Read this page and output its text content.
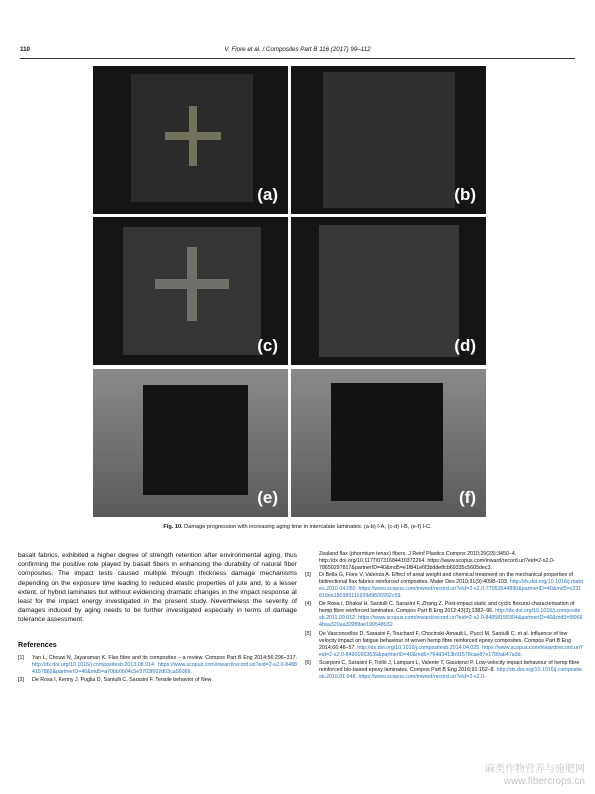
110	V. Fiore et al. / Composites Part B 116 (2017) 99–112
(a)	(b)
(c)	(d)
(e)	(f)
Fig. 10. Damage progression with increasing aging time in intercalate laminates: (a-b) I-A, (c-d) I-B, (e-f) I-C.
basalt fabrics, exhibited a higher degree of strength retention after environmental aging, thus confirming the positive role played by basalt fibers in enhancing the durability of natural fiber composites. The impact tests caused multiple through thickness damage mechanisms depending on the exposure time leading to reduced elastic properties of jute and, to a lesser extent, of hybrid laminates but without evidencing dramatic changes in the impact response at least for the impact energy investigated in the present study. Nevertheless the severity of damages induced by aging needs to be further investigated especially in terms of damage tolerance assessment.
References
[1] Yan L, Chouw N, Jayaraman K. Flax fibre and its composites – a review. Compos Part B Eng 2014;56:296–317. http://dx.doi.org/10.1016/j.compositesb.2013.08.014. https://www.scopus.com/inward/record.uri?eid=2-s2.0-84884157882&partnerID=40&md5=a70bb0b04c5e9703f602d03ca56069.
[2] De Rosa I, Kenny J, Puglia D, Santulli C, Sarasini F. Tensile behavior of New
Zealand flax (phormium tenax) fibers. J Reinf Plastics Compos 2010;29(23):3450–4. http://dx.doi.org/10.1177/0731684410372264. https://www.scopus.com/inward/record.uri?eid=2-s2.0-78650297817&partnerID=40&md5=e1f841e6f3bdde8cb69335c5605dec3.
[3] Di Bella G, Fiore V, Valenza A. Effect of areal weight and chemical treatment on the mechanical properties of bidirectional flax fabrics reinforced composites. Mater Des 2010;31(9):4098–103. http://dx.doi.org/10.1016/j.matdes.2010.04.050. https://www.scopus.com/inward/record.uri?eid=2-s2.0-77953544890&partnerID=40&md5=c231819ea180385111939d9606992c59.
[4] De Rosa I, Dhakal H, Santulli C, Sarasini F, Zhang Z. Post-impact static and cyclic flexural characterisation of hemp fibre reinforced laminates. Compos Part B Eng 2012;43(3):1382–96. http://dx.doi.org/10.1016/j.compositesb.2011.09.012. https://www.scopus.com/inward/record.uri?eid=2-s2.0-84858155904&partnerID=40&md5=5f9664baa320aa309f6fae199548932.
[5] De Vasconcellos D, Sarasini F, Touchard F, Chocinski-Arnault L, Pucci M, Santulli C, et al. Influence of low velocity impact on fatigue behaviour of woven hemp fibre reinforced epoxy composites. Compos Part B Eng 2014;66:46–57. http://dx.doi.org/10.1016/j.compositesb.2014.04.025. https://www.scopus.com/inward/record.uri?eid=2-s2.0-84901663639&partnerID=40&md5=764d3413b91578cae87e1789ab47a3d.
[6] Scarponi C, Sarasini F, Tirillò J, Lampani L, Valente T, Gaudenzi P. Low-velocity impact behaviour of hemp fibre reinforced bio-based epoxy laminates. Compos Part B Eng 2016;91:162–8. http://dx.doi.org/10.1016/j.compositesb.2016.01.048. https://www.scopus.com/inward/record.uri?eid=2-s2.0-
麻类作物营养与施肥网
www.fibercrops.cn
